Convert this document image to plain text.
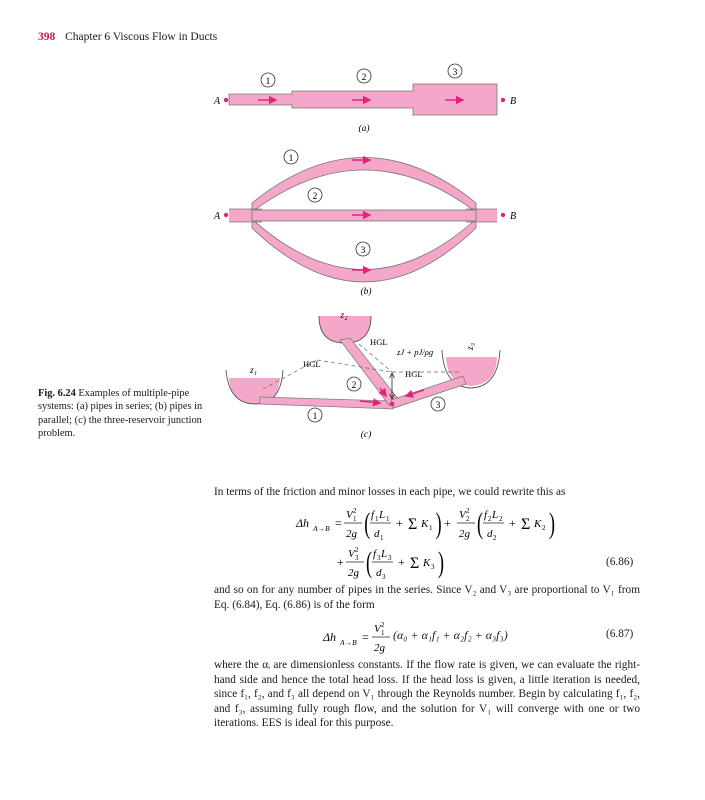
398 Chapter 6 Viscous Flow in Ducts
A	B
1	2	3
(a)
A	B
1
2
3
(b)
z₂
z₁
z₃
HGL
HGL
HGL
zJ + pJ/ρg
2
1
3
(c)
Fig. 6.24 Examples of multiple-pipe systems: (a) pipes in series; (b) pipes in parallel; (c) the three-reservoir junction problem.
In terms of the friction and minor losses in each pipe, we could rewrite this as
Δh A→B =
V 2
1
2g ( f 1 L 1
d 1
+ Σ K 1 ) +
V 2
2
2g ( f 2 L 2
d 2
+ Σ K 2 )
+
V 2
3
2g ( f 3 L 3
d 3
+ Σ K 3 )
Δh A→B =
V 2
1
2g
(6.86)
and so on for any number of pipes in the series. Since V₂ and V₃ are proportional to V₁ from Eq. (6.84), Eq. (6.86) is of the form
(α₀ + α₁f₁ + α₂f₂ + α₃f₃)	(6.87)
where the αᵢ are dimensionless constants. If the flow rate is given, we can evaluate the right-hand side and hence the total head loss. If the head loss is given, a little iteration is needed, since f₁, f₂, and f₃ all depend on V₁ through the Reynolds number. Begin by calculating f₁, f₂, and f₃, assuming fully rough flow, and the solution for V₁ will converge with one or two iterations. EES is ideal for this purpose.
